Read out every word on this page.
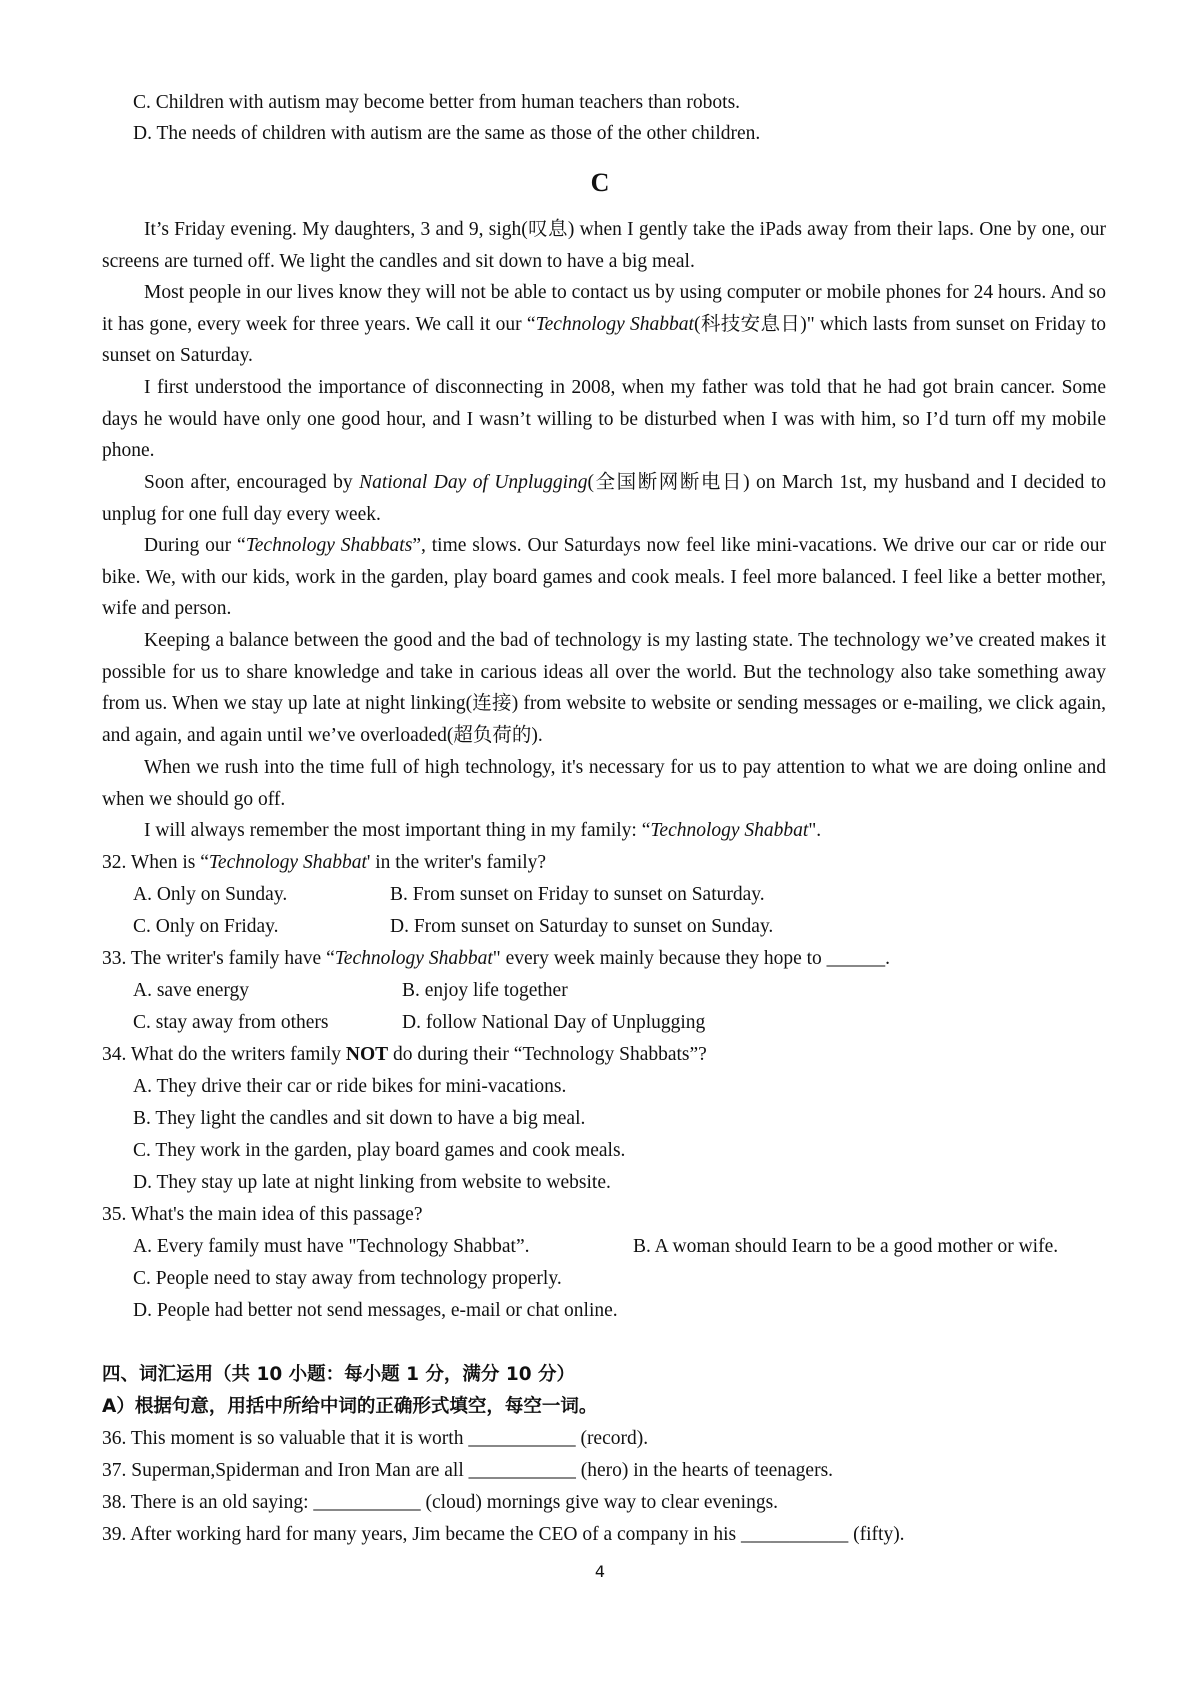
C. Children with autism may become better from human teachers than robots.
D. The needs of children with autism are the same as those of the other children.
C
It’s Friday evening. My daughters, 3 and 9, sigh(叹息) when I gently take the iPads away from their laps. One by one, our screens are turned off. We light the candles and sit down to have a big meal.
Most people in our lives know they will not be able to contact us by using computer or mobile phones for 24 hours. And so it has gone, every week for three years. We call it our “Technology Shabbat(科技安息日)" which lasts from sunset on Friday to sunset on Saturday.
I first understood the importance of disconnecting in 2008, when my father was told that he had got brain cancer. Some days he would have only one good hour, and I wasn’t willing to be disturbed when I was with him, so I’d turn off my mobile phone.
Soon after, encouraged by National Day of Unplugging(全国断网断电日) on March 1st, my husband and I decided to unplug for one full day every week.
During our “Technology Shabbats”, time slows. Our Saturdays now feel like mini-vacations. We drive our car or ride our bike. We, with our kids, work in the garden, play board games and cook meals. I feel more balanced. I feel like a better mother, wife and person.
Keeping a balance between the good and the bad of technology is my lasting state. The technology we’ve created makes it possible for us to share knowledge and take in carious ideas all over the world. But the technology also take something away from us. When we stay up late at night linking(连接) from website to website or sending messages or e-mailing, we click again, and again, and again until we’ve overloaded(超负荷的).
When we rush into the time full of high technology, it's necessary for us to pay attention to what we are doing online and when we should go off.
I will always remember the most important thing in my family: “Technology Shabbat".
32. When is “Technology Shabbat' in the writer's family?
A. Only on Sunday.	B. From sunset on Friday to sunset on Saturday.
C. Only on Friday.	D. From sunset on Saturday to sunset on Sunday.
33. The writer's family have “Technology Shabbat" every week mainly because they hope to ______.
A. save energy	B. enjoy life together
C. stay away from others	D. follow National Day of Unplugging
34. What do the writers family NOT do during their “Technology Shabbats”?
A. They drive their car or ride bikes for mini-vacations.
B. They light the candles and sit down to have a big meal.
C. They work in the garden, play board games and cook meals.
D. They stay up late at night linking from website to website.
35. What's the main idea of this passage?
A. Every family must have "Technology Shabbat”.	B. A woman should Iearn to be a good mother or wife.
C. People need to stay away from technology properly.
D. People had better not send messages, e-mail or chat online.
四、词汇运用（共 10 小题：每小题 1 分，满分 10 分）
A）根据句意，用括中所给中词的正确形式填空，每空一词。
36. This moment is so valuable that it is worth ___________ (record).
37. Superman,Spiderman and Iron Man are all ___________ (hero) in the hearts of teenagers.
38. There is an old saying: ___________ (cloud) mornings give way to clear evenings.
39. After working hard for many years, Jim became the CEO of a company in his ___________ (fifty).
4
